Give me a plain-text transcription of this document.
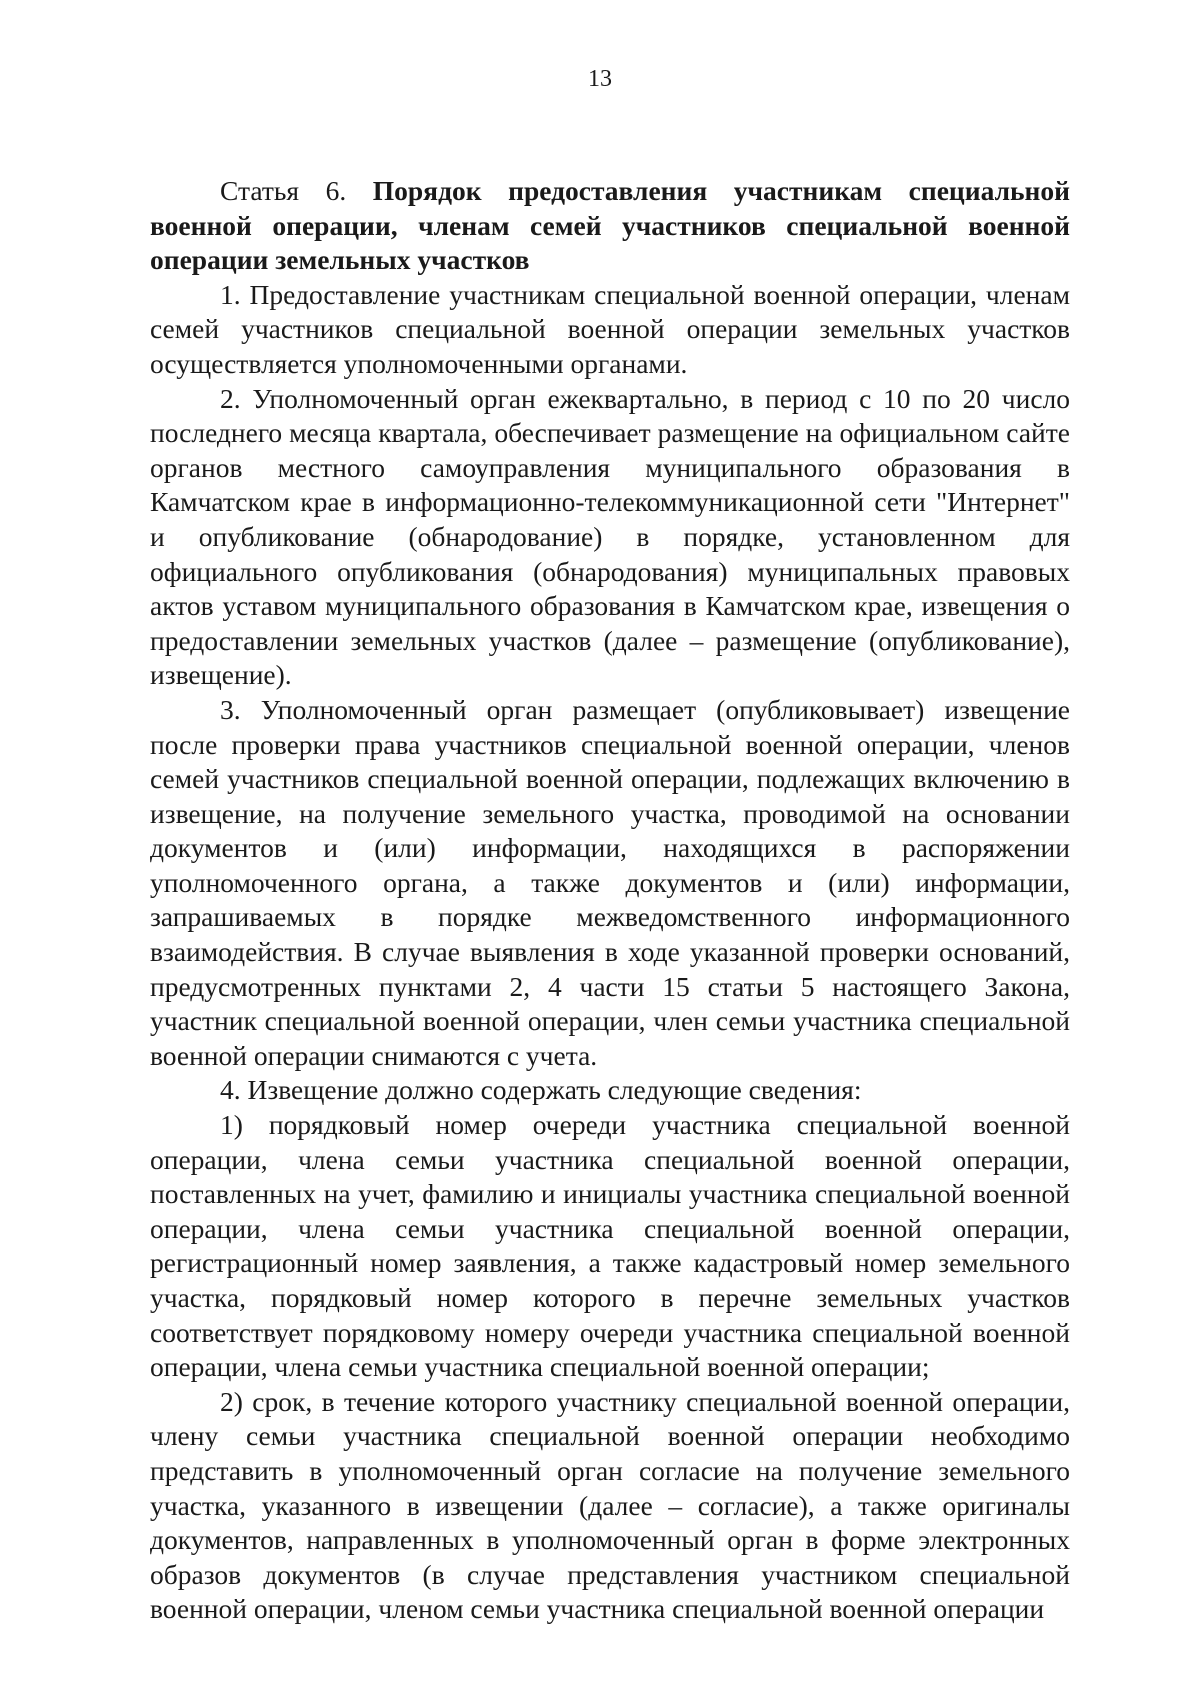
13

Статья 6. Порядок предоставления участникам специальной военной операции, членам семей участников специальной военной операции земельных участков

1. Предоставление участникам специальной военной операции, членам семей участников специальной военной операции земельных участков осуществляется уполномоченными органами.

2. Уполномоченный орган ежеквартально, в период с 10 по 20 число последнего месяца квартала, обеспечивает размещение на официальном сайте органов местного самоуправления муниципального образования в Камчатском крае в информационно-телекоммуникационной сети "Интернет" и опубликование (обнародование) в порядке, установленном для официального опубликования (обнародования) муниципальных правовых актов уставом муниципального образования в Камчатском крае, извещения о предоставлении земельных участков (далее – размещение (опубликование), извещение).

3. Уполномоченный орган размещает (опубликовывает) извещение после проверки права участников специальной военной операции, членов семей участников специальной военной операции, подлежащих включению в извещение, на получение земельного участка, проводимой на основании документов и (или) информации, находящихся в распоряжении уполномоченного органа, а также документов и (или) информации, запрашиваемых в порядке межведомственного информационного взаимодействия. В случае выявления в ходе указанной проверки оснований, предусмотренных пунктами 2, 4 части 15 статьи 5 настоящего Закона, участник специальной военной операции, член семьи участника специальной военной операции снимаются с учета.

4. Извещение должно содержать следующие сведения:

1) порядковый номер очереди участника специальной военной операции, члена семьи участника специальной военной операции, поставленных на учет, фамилию и инициалы участника специальной военной операции, члена семьи участника специальной военной операции, регистрационный номер заявления, а также кадастровый номер земельного участка, порядковый номер которого в перечне земельных участков соответствует порядковому номеру очереди участника специальной военной операции, члена семьи участника специальной военной операции;

2) срок, в течение которого участнику специальной военной операции, члену семьи участника специальной военной операции необходимо представить в уполномоченный орган согласие на получение земельного участка, указанного в извещении (далее – согласие), а также оригиналы документов, направленных в уполномоченный орган в форме электронных образов документов (в случае представления участником специальной военной операции, членом семьи участника специальной военной операции
